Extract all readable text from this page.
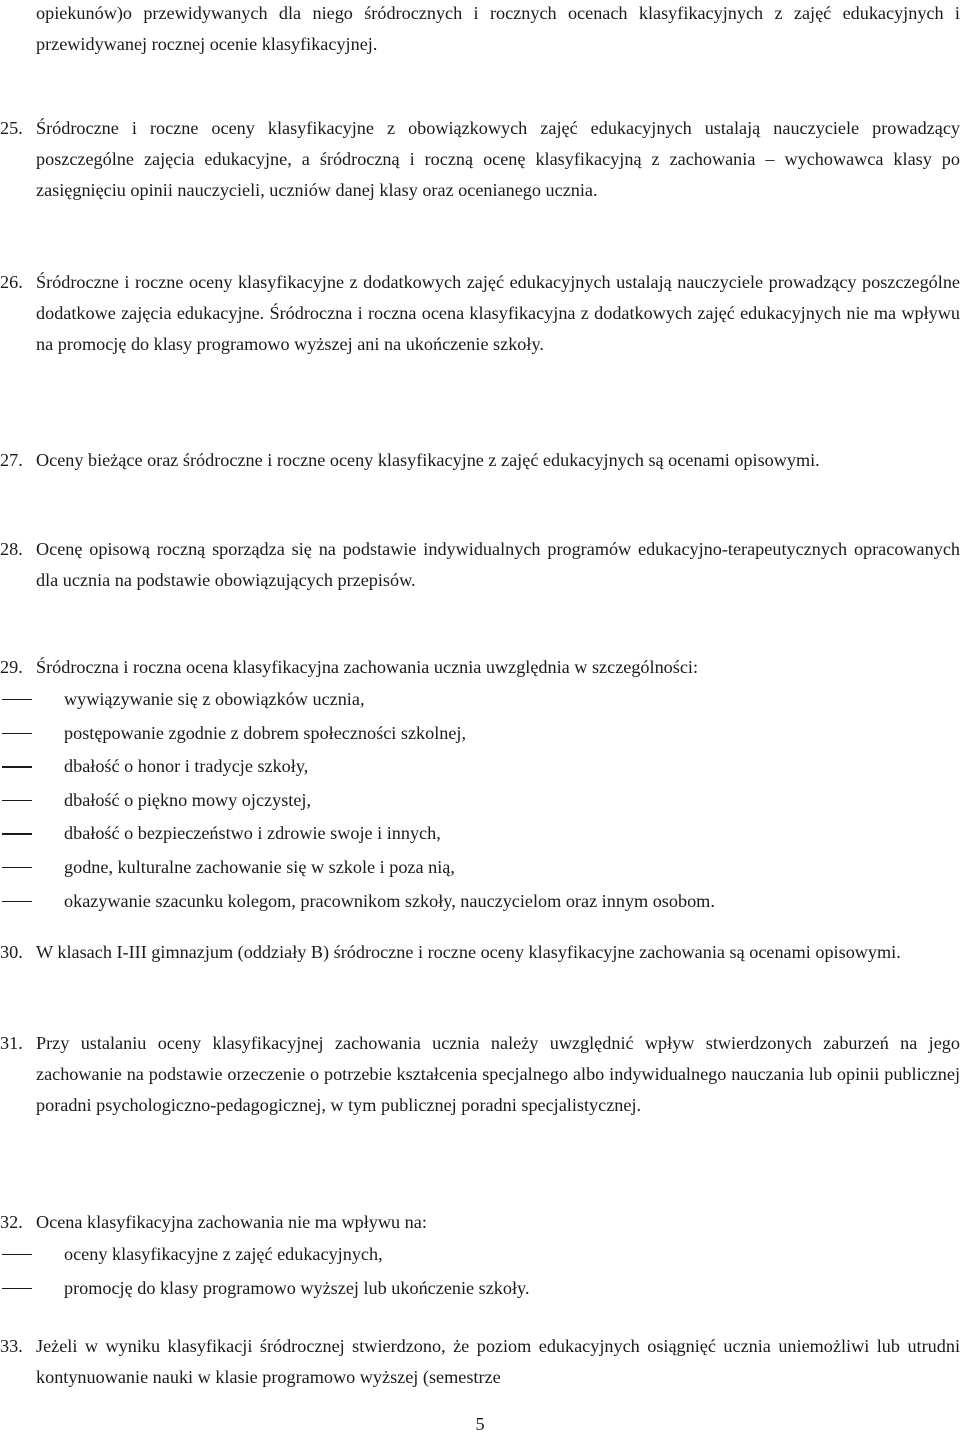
opiekunów)o przewidywanych dla niego śródrocznych i rocznych ocenach klasyfikacyjnych z zajęć edukacyjnych i przewidywanej rocznej ocenie klasyfikacyjnej.
25. Śródroczne i roczne oceny klasyfikacyjne z obowiązkowych zajęć edukacyjnych ustalają nauczyciele prowadzący poszczególne zajęcia edukacyjne, a śródroczną i roczną ocenę klasyfikacyjną z zachowania – wychowawca klasy po zasięgnięciu opinii nauczycieli, uczniów danej klasy oraz ocenianego ucznia.
26. Śródroczne i roczne oceny klasyfikacyjne z dodatkowych zajęć edukacyjnych ustalają nauczyciele prowadzący poszczególne dodatkowe zajęcia edukacyjne. Śródroczna i roczna ocena klasyfikacyjna z dodatkowych zajęć edukacyjnych nie ma wpływu na promocję do klasy programowo wyższej ani na ukończenie szkoły.
27. Oceny bieżące oraz śródroczne i roczne oceny klasyfikacyjne z zajęć edukacyjnych są ocenami opisowymi.
28. Ocenę opisową roczną sporządza się na podstawie indywidualnych programów edukacyjno-terapeutycznych opracowanych dla ucznia na podstawie obowiązujących przepisów.
29. Śródroczna i roczna ocena klasyfikacyjna zachowania ucznia uwzględnia w szczególności:
wywiązywanie się z obowiązków ucznia,
postępowanie zgodnie z dobrem społeczności szkolnej,
dbałość o honor i tradycje szkoły,
dbałość o piękno mowy ojczystej,
dbałość o bezpieczeństwo i zdrowie swoje i innych,
godne, kulturalne zachowanie się w szkole i poza nią,
okazywanie szacunku kolegom, pracownikom szkoły, nauczycielom oraz innym osobom.
30. W klasach I-III gimnazjum (oddziały B) śródroczne i roczne oceny klasyfikacyjne zachowania są ocenami opisowymi.
31. Przy ustalaniu oceny klasyfikacyjnej zachowania ucznia należy uwzględnić wpływ stwierdzonych zaburzeń na jego zachowanie na podstawie orzeczenie o potrzebie kształcenia specjalnego albo indywidualnego nauczania lub opinii publicznej poradni psychologiczno-pedagogicznej, w tym publicznej poradni specjalistycznej.
32. Ocena klasyfikacyjna zachowania nie ma wpływu na:
oceny klasyfikacyjne z zajęć edukacyjnych,
promocję do klasy programowo wyższej lub ukończenie szkoły.
33. Jeżeli w wyniku klasyfikacji śródrocznej stwierdzono, że poziom edukacyjnych osiągnięć ucznia uniemożliwi lub utrudni kontynuowanie nauki w klasie programowo wyższej (semestrze
5
